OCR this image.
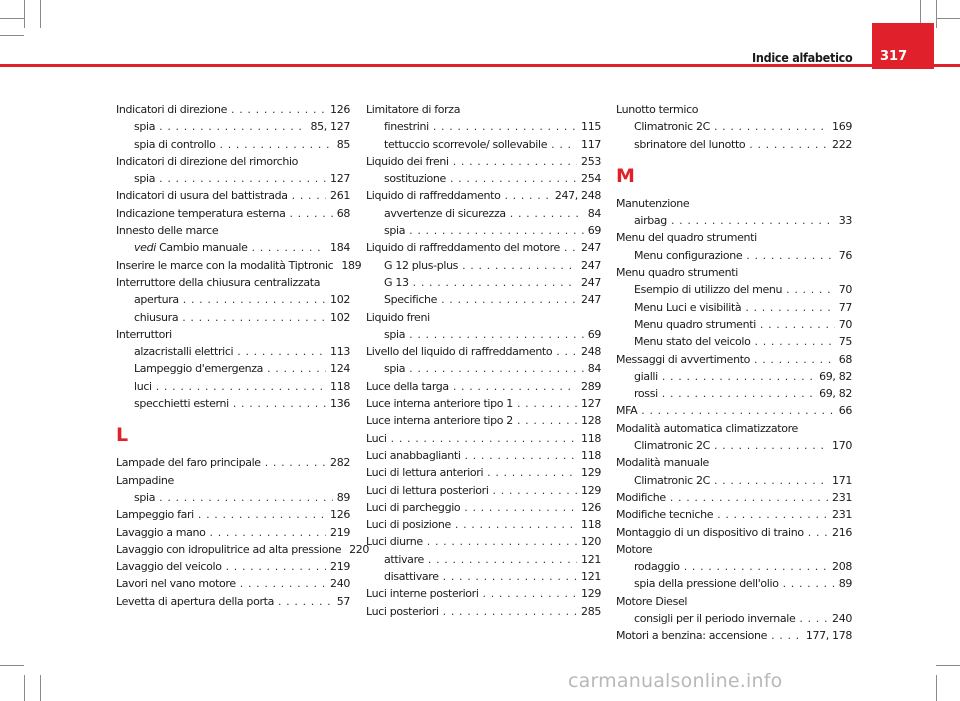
317
Indice alfabetico
Indicatori di direzione . . .	126
spia . . .	85, 127
spia di controllo . . .	85
Indicatori di direzione del rimorchio
spia . . .	127
Indicatori di usura del battistrada . . .	261
Indicazione temperatura esterna . . .	68
Innesto delle marce
vedi Cambio manuale . . .	184
Inserire le marce con la modalità Tiptronic 189
Interruttore della chiusura centralizzata
apertura . . .	102
chiusura . . .	102
Interruttori
alzacristalli elettrici . . .	113
Lampeggio d'emergenza . . .	124
luci . . .	118
specchietti esterni . . .	136
L
Lampade del faro principale . . .	282
Lampadine
spia . . .	89
Lampeggio fari . . .	126
Lavaggio a mano . . .	219
Lavaggio con idropulitrice ad alta pressione 220
Lavaggio del veicolo . . .	219
Lavori nel vano motore . . .	240
Levetta di apertura della porta . . .	57
Limitatore di forza
finestrini . . .	115
tettuccio scorrevole/ sollevabile . . .	117
Liquido dei freni . . .	253
sostituzione . . .	254
Liquido di raffreddamento . . .	247, 248
avvertenze di sicurezza . . .	84
spia . . .	69
Liquido di raffreddamento del motore . . . 247
G 12 plus-plus . . .	247
G 13 . . .	247
Specifiche . . .	247
Liquido freni
spia . . .	69
Livello del liquido di raffreddamento . . .	248
spia . . .	84
Luce della targa . . .	289
Luce interna anteriore tipo 1 . . .	127
Luce interna anteriore tipo 2 . . .	128
Luci . . .	118
Luci anabbaglianti . . .	118
Luci di lettura anteriori . . .	129
Luci di lettura posteriori . . .	129
Luci di parcheggio . . .	126
Luci di posizione . . .	118
Luci diurne . . .	120
attivare . . .	121
disattivare . . .	121
Luci interne posteriori . . .	129
Luci posteriori . . .	285
Lunotto termico
Climatronic 2C . . .	169
sbrinatore del lunotto . . .	222
M
Manutenzione
airbag . . .	33
Menu del quadro strumenti
Menu configurazione . . .	76
Menu quadro strumenti
Esempio di utilizzo del menu . . .	70
Menu Luci e visibilità . . .	77
Menu quadro strumenti . . .	70
Menu stato del veicolo . . .	75
Messaggi di avvertimento . . .	68
gialli . . .	69, 82
rossi . . .	69, 82
MFA . . .	66
Modalità automatica climatizzatore
Climatronic 2C . . .	170
Modalità manuale
Climatronic 2C . . .	171
Modifiche . . .	231
Modifiche tecniche . . .	231
Montaggio di un dispositivo di traino . . .	216
Motore
rodaggio . . .	208
spia della pressione dell'olio . . .	89
Motore Diesel
consigli per il periodo invernale . . .	240
Motori a benzina: accensione . . .	177, 178
carmanualsonline.info
